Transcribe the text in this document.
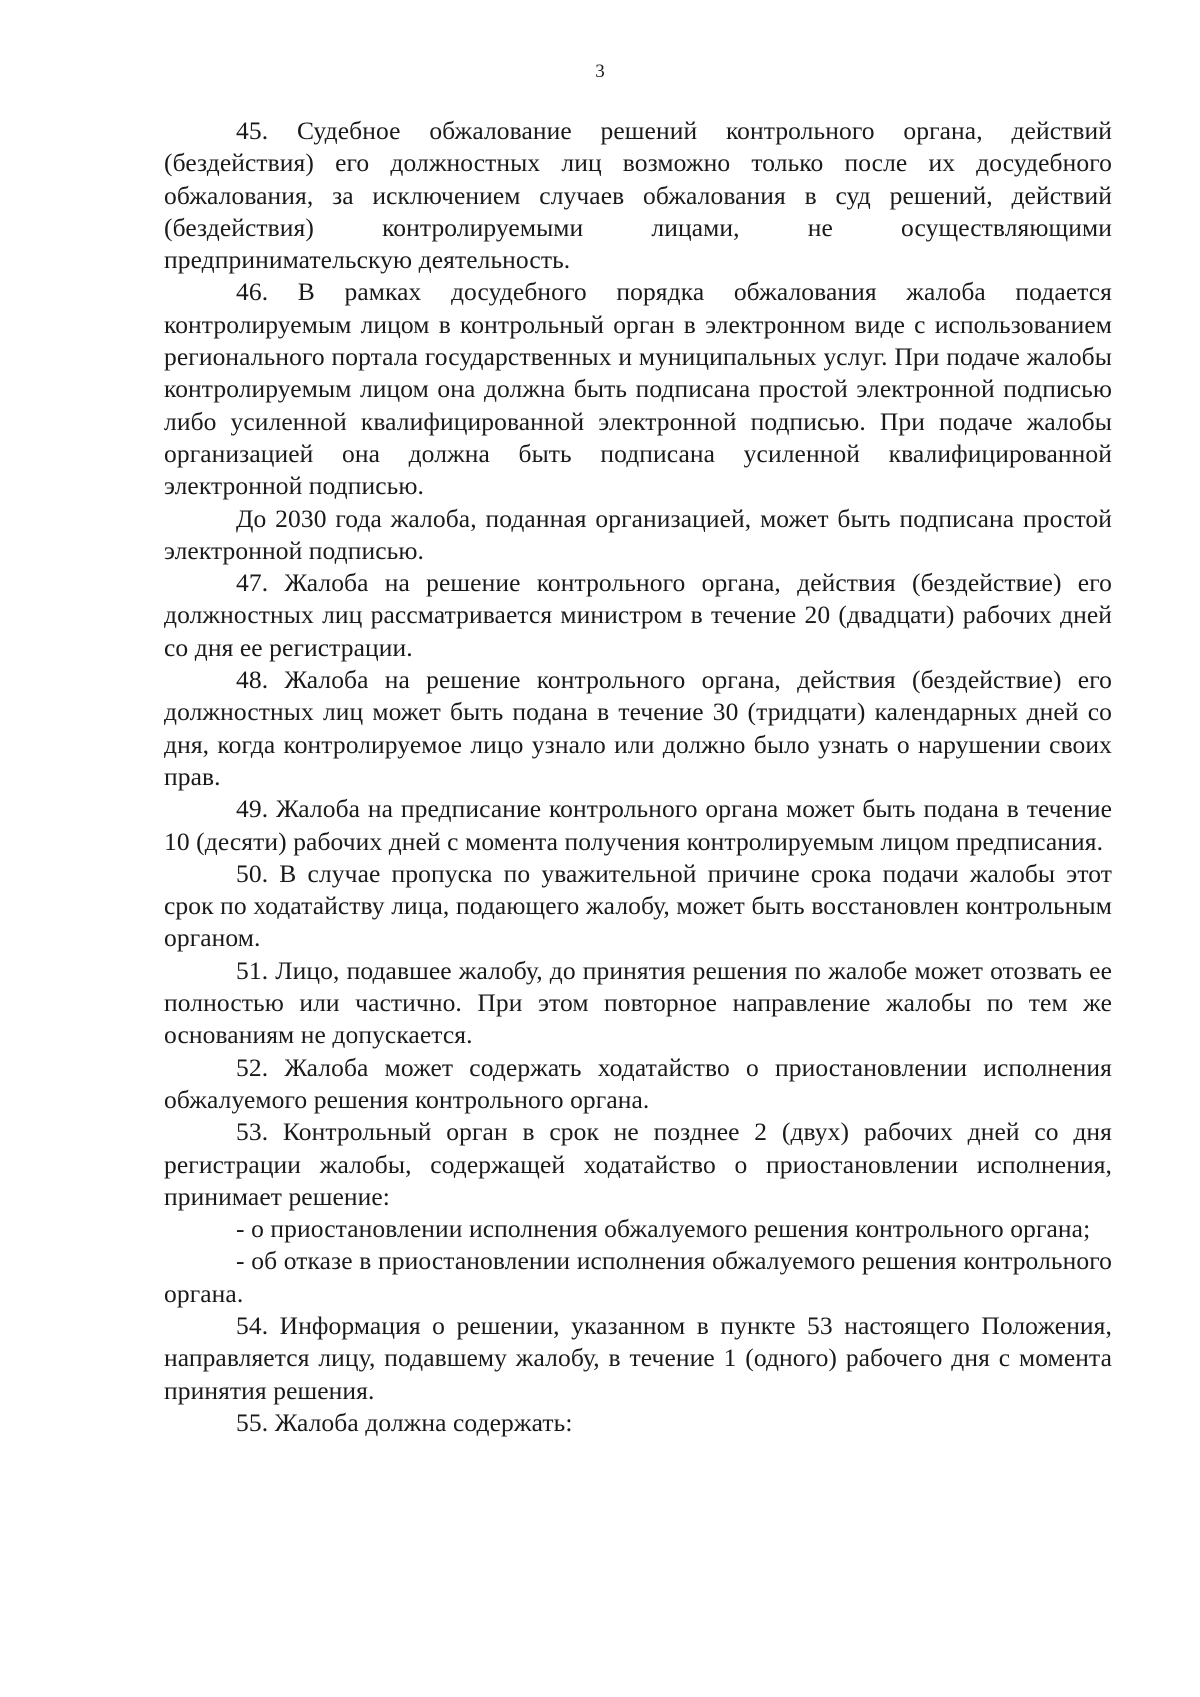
3

45. Судебное обжалование решений контрольного органа, действий (бездействия) его должностных лиц возможно только после их досудебного обжалования, за исключением случаев обжалования в суд решений, действий (бездействия) контролируемыми лицами, не осуществляющими предпринимательскую деятельность.

46. В рамках досудебного порядка обжалования жалоба подается контролируемым лицом в контрольный орган в электронном виде с использованием регионального портала государственных и муниципальных услуг. При подаче жалобы контролируемым лицом она должна быть подписана простой электронной подписью либо усиленной квалифицированной электронной подписью. При подаче жалобы организацией она должна быть подписана усиленной квалифицированной электронной подписью.

До 2030 года жалоба, поданная организацией, может быть подписана простой электронной подписью.

47. Жалоба на решение контрольного органа, действия (бездействие) его должностных лиц рассматривается министром в течение 20 (двадцати) рабочих дней со дня ее регистрации.

48. Жалоба на решение контрольного органа, действия (бездействие) его должностных лиц может быть подана в течение 30 (тридцати) календарных дней со дня, когда контролируемое лицо узнало или должно было узнать о нарушении своих прав.

49. Жалоба на предписание контрольного органа может быть подана в течение 10 (десяти) рабочих дней с момента получения контролируемым лицом предписания.

50. В случае пропуска по уважительной причине срока подачи жалобы этот срок по ходатайству лица, подающего жалобу, может быть восстановлен контрольным органом.

51. Лицо, подавшее жалобу, до принятия решения по жалобе может отозвать ее полностью или частично. При этом повторное направление жалобы по тем же основаниям не допускается.

52. Жалоба может содержать ходатайство о приостановлении исполнения обжалуемого решения контрольного органа.

53. Контрольный орган в срок не позднее 2 (двух) рабочих дней со дня регистрации жалобы, содержащей ходатайство о приостановлении исполнения, принимает решение:

- о приостановлении исполнения обжалуемого решения контрольного органа;

- об отказе в приостановлении исполнения обжалуемого решения контрольного органа.

54. Информация о решении, указанном в пункте 53 настоящего Положения, направляется лицу, подавшему жалобу, в течение 1 (одного) рабочего дня с момента принятия решения.

55. Жалоба должна содержать:
